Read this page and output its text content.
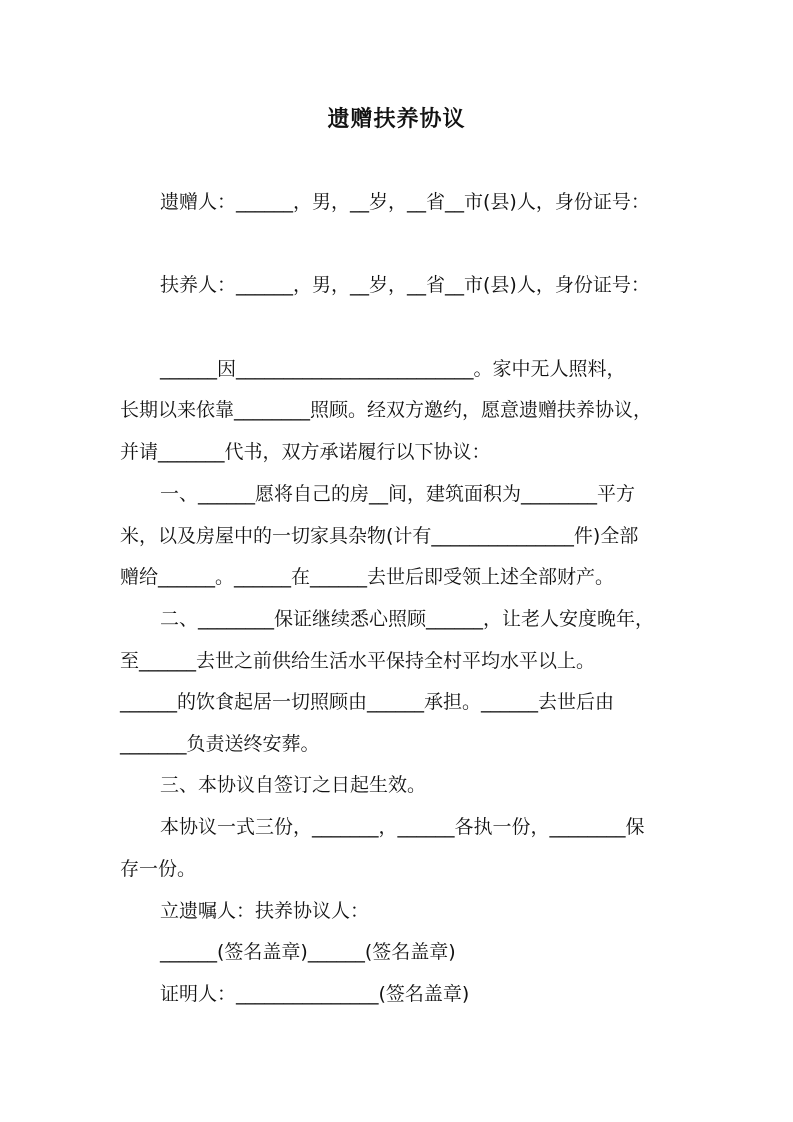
遗赠扶养协议
遗赠人：______，男，__岁，__省__市(县)人，身份证号：
扶养人：______，男，__岁，__省__市(县)人，身份证号：
______因_________________________。家中无人照料，
长期以来依靠________照顾。经双方邀约，愿意遗赠扶养协议，
并请_______代书，双方承诺履行以下协议：
一、______愿将自己的房__间，建筑面积为________平方
米，以及房屋中的一切家具杂物(计有_______________件)全部
赠给______。______在______去世后即受领上述全部财产。
二、________保证继续悉心照顾______，让老人安度晚年，
至______去世之前供给生活水平保持全村平均水平以上。
______的饮食起居一切照顾由______承担。______去世后由
_______负责送终安葬。
三、本协议自签订之日起生效。
本协议一式三份，_______，______各执一份，________保
存一份。
立遗嘱人：扶养协议人：
______(签名盖章)______(签名盖章)
证明人：_______________(签名盖章)
